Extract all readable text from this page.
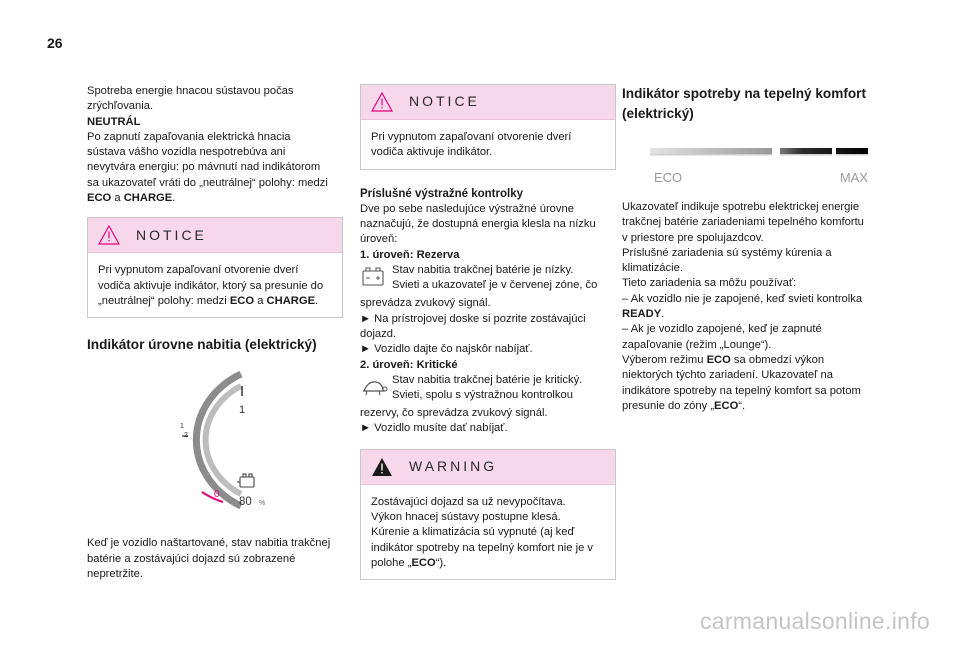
26

Spotreba energie hnacou sústavou počas

zrýchľovania.

NEUTRÁL

Po zapnutí zapaľovania elektrická hnacia

sústava vášho vozidla nespotrebúva ani

nevytvára energiu: po mávnutí nad indikátorom

sa ukazovateľ vráti do „neutrálnej“ polohy: medzi

ECO a CHARGE.

NOTICE

Pri vypnutom zapaľovaní otvorenie dverí

vodiča aktivuje indikátor, ktorý sa presunie do

„neutrálnej“ polohy: medzi ECO a CHARGE.

Indikátor úrovne nabitia (elektrický)

1
1
2
0
80 %

Keď je vozidlo naštartované, stav nabitia trakčnej

batérie a zostávajúci dojazd sú zobrazené

nepretržite.

NOTICE

Pri vypnutom zapaľovaní otvorenie dverí

vodiča aktivuje indikátor.

Príslušné výstražné kontrolky

Dve po sebe nasledujúce výstražné úrovne

naznačujú, že dostupná energia klesla na nízku

úroveň:

1. úroveň: Rezerva

Stav nabitia trakčnej batérie je nízky.

Svieti a ukazovateľ je v červenej zóne, čo

sprevádza zvukový signál.

► Na prístrojovej doske si pozrite zostávajúci

dojazd.

► Vozidlo dajte čo najskôr nabíjať.

2. úroveň: Kritické

Stav nabitia trakčnej batérie je kritický.

Svieti, spolu s výstražnou kontrolkou

rezervy, čo sprevádza zvukový signál.

► Vozidlo musíte dať nabíjať.

WARNING

Zostávajúci dojazd sa už nevypočítava.

Výkon hnacej sústavy postupne klesá.

Kúrenie a klimatizácia sú vypnuté (aj keď

indikátor spotreby na tepelný komfort nie je v

polohe „ECO“).

Indikátor spotreby na tepelný komfort
(elektrický)

ECO	MAX

Ukazovateľ indikuje spotrebu elektrickej energie

trakčnej batérie zariadeniami tepelného komfortu

v priestore pre spolujazdcov.

Príslušné zariadenia sú systémy kúrenia a

klimatizácie.

Tieto zariadenia sa môžu používať:

– Ak vozidlo nie je zapojené, keď svieti kontrolka

READY.

– Ak je vozidlo zapojené, keď je zapnuté

zapaľovanie (režim „Lounge“).

Výberom režimu ECO sa obmedzí výkon

niektorých týchto zariadení. Ukazovateľ na

indikátore spotreby na tepelný komfort sa potom

presunie do zóny „ECO“.

carmanualsonline.info
